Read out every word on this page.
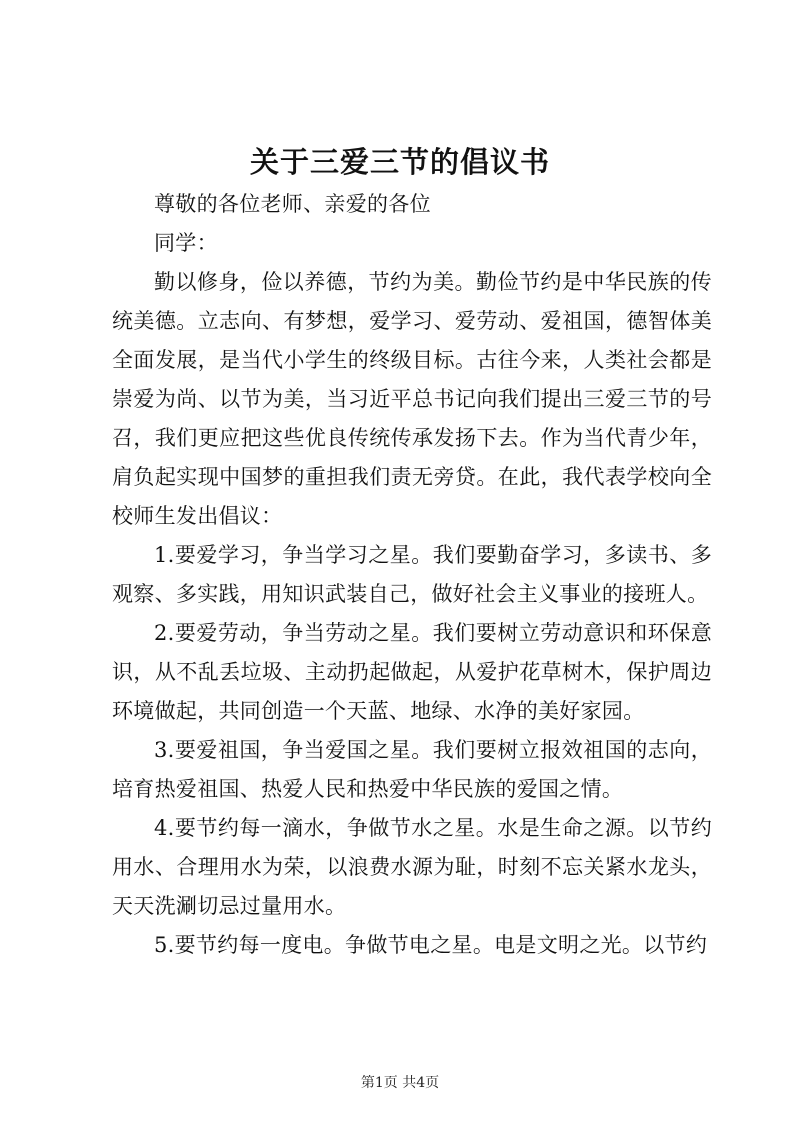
关于三爱三节的倡议书

尊敬的各位老师、亲爱的各位

同学：

勤以修身，俭以养德，节约为美。勤俭节约是中华民族的传统美德。立志向、有梦想，爱学习、爱劳动、爱祖国，德智体美全面发展，是当代小学生的终级目标。古往今来，人类社会都是崇爱为尚、以节为美，当习近平总书记向我们提出三爱三节的号召，我们更应把这些优良传统传承发扬下去。作为当代青少年，肩负起实现中国梦的重担我们责无旁贷。在此，我代表学校向全校师生发出倡议：

1.要爱学习，争当学习之星。我们要勤奋学习，多读书、多观察、多实践，用知识武装自己，做好社会主义事业的接班人。

2.要爱劳动，争当劳动之星。我们要树立劳动意识和环保意识，从不乱丢垃圾、主动扔起做起，从爱护花草树木，保护周边环境做起，共同创造一个天蓝、地绿、水净的美好家园。

3.要爱祖国，争当爱国之星。我们要树立报效祖国的志向，培育热爱祖国、热爱人民和热爱中华民族的爱国之情。

4.要节约每一滴水，争做节水之星。水是生命之源。以节约用水、合理用水为荣，以浪费水源为耻，时刻不忘关紧水龙头，天天洗涮切忌过量用水。

5.要节约每一度电。争做节电之星。电是文明之光。以节约

第1页 共4页
